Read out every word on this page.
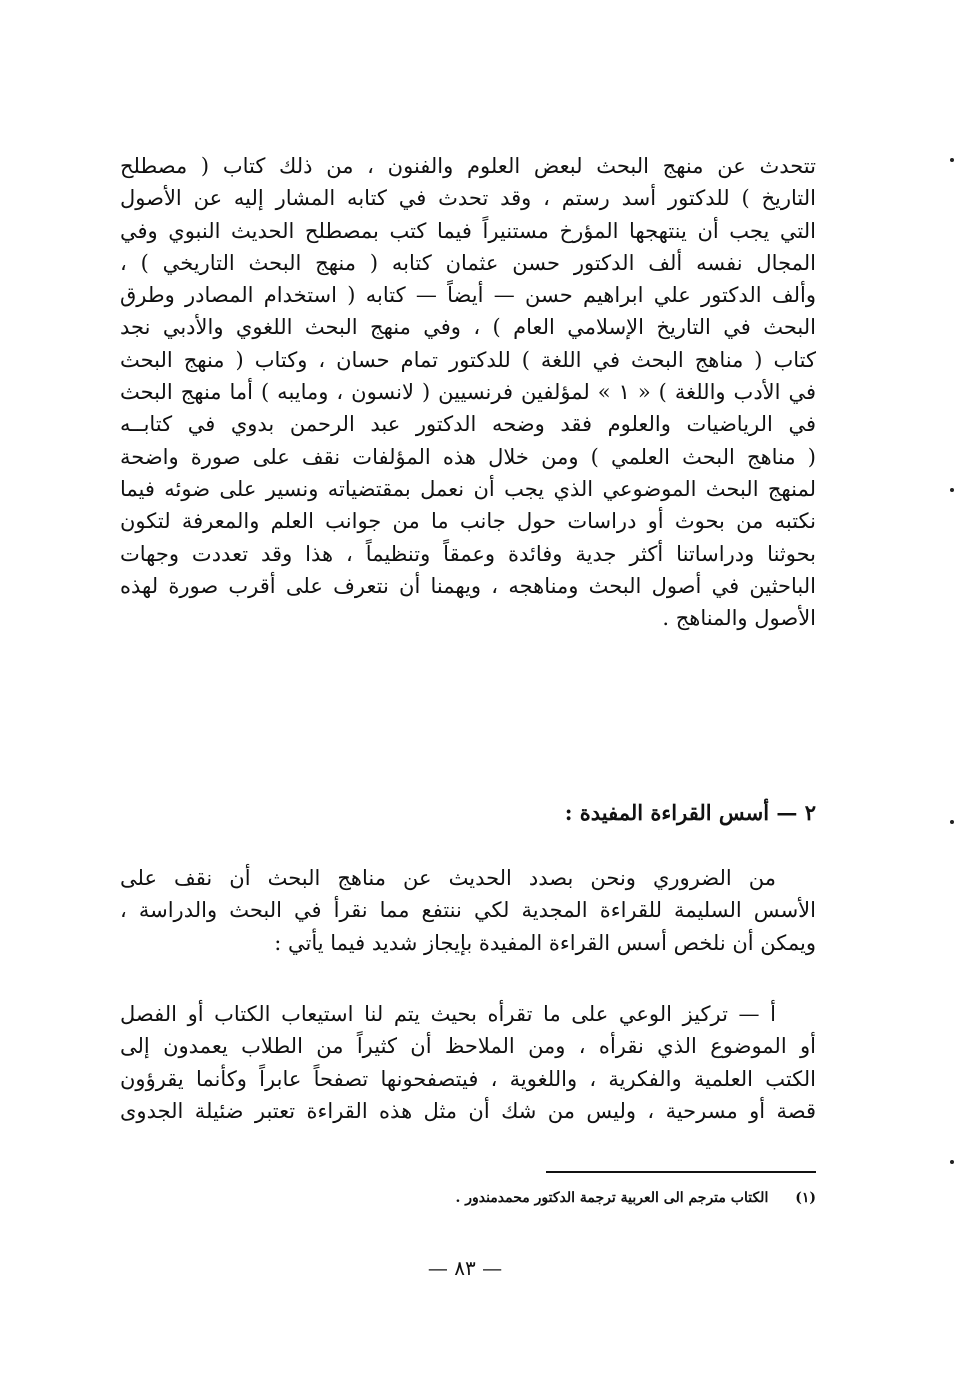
تتحدث عن منهج البحث لبعض العلوم والفنون ، من ذلك كتاب ( مصطلح
التاريخ ) للدكتور أسد رستم ، وقد تحدث في كتابه المشار إليه عن الأصول
التي يجب أن ينتهجها المؤرخ مستنيراً فيما كتب بمصطلح الحديث النبوي وفي
المجال نفسه ألف الدكتور حسن عثمان كتابه ( منهج البحث التاريخي ) ،
وألف الدكتور علي ابراهيم حسن — أيضاً — كتابه ( استخدام المصادر وطرق
البحث في التاريخ الإسلامي العام ) ، وفي منهج البحث اللغوي والأدبي نجد
كتاب ( مناهج البحث في اللغة ) للدكتور تمام حسان ، وكتاب ( منهج البحث
في الأدب واللغة ) « ١ » لمؤلفين فرنسيين ( لانسون ، ومايبه ) أما منهج البحث
في الرياضيات والعلوم فقد وضحه الدكتور عبد الرحمن بدوي في كتابــه
( مناهج البحث العلمي ) ومن خلال هذه المؤلفات نقف على صورة واضحة
لمنهج البحث الموضوعي الذي يجب أن نعمل بمقتضياته ونسير على ضوئه فيما
نكتبه من بحوث أو دراسات حول جانب ما من جوانب العلم والمعرفة لتكون
بحوثنا ودراساتنا أكثر جدية وفائدة وعمقاً وتنظيماً ، هذا وقد تعددت وجهات
الباحثين في أصول البحث ومناهجه ، ويهمنا أن نتعرف على أقرب صورة لهذه
الأصول والمناهج .
٢ — أسس القراءة المفيدة :
من الضروري ونحن بصدد الحديث عن مناهج البحث أن نقف على
الأسس السليمة للقراءة المجدية لكي ننتفع مما نقرأ في البحث والدراسة ،
ويمكن أن نلخص أسس القراءة المفيدة بإيجاز شديد فيما يأتي :
أ — تركيز الوعي على ما تقرأه بحيث يتم لنا استيعاب الكتاب أو الفصل
أو الموضوع الذي نقرأه ، ومن الملاحظ أن كثيراً من الطلاب يعمدون إلى
الكتب العلمية والفكرية ، واللغوية ، فيتصفحونها تصفحاً عابراً وكأنما يقرؤون
قصة أو مسرحية ، وليس من شك أن مثل هذه القراءة تعتبر ضئيلة الجدوى
(١) الكتاب مترجم الى العربية ترجمة الدكتور محمدمندور .
— ٨٣ —
